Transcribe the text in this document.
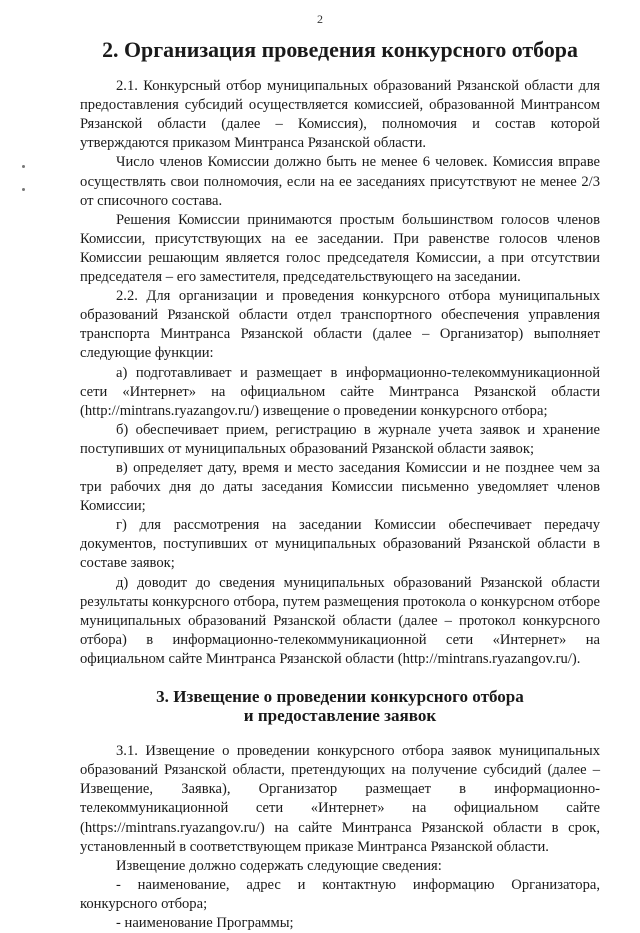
2
2. Организация проведения конкурсного отбора

2.1. Конкурсный отбор муниципальных образований Рязанской области для предоставления субсидий осуществляется комиссией, образованной Минтрансом Рязанской области (далее – Комиссия), полномочия и состав которой утверждаются приказом Минтранса Рязанской области.

Число членов Комиссии должно быть не менее 6 человек. Комиссия вправе осуществлять свои полномочия, если на ее заседаниях присутствуют не менее 2/3 от списочного состава.

Решения Комиссии принимаются простым большинством голосов членов Комиссии, присутствующих на ее заседании. При равенстве голосов членов Комиссии решающим является голос председателя Комиссии, а при отсутствии председателя – его заместителя, председательствующего на заседании.

2.2. Для организации и проведения конкурсного отбора муниципальных образований Рязанской области отдел транспортного обеспечения управления транспорта Минтранса Рязанской области (далее – Организатор) выполняет следующие функции:

а) подготавливает и размещает в информационно-телекоммуникационной сети «Интернет» на официальном сайте Минтранса Рязанской области (http://mintrans.ryazangov.ru/) извещение о проведении конкурсного отбора;

б) обеспечивает прием, регистрацию в журнале учета заявок и хранение поступивших от муниципальных образований Рязанской области заявок;

в) определяет дату, время и место заседания Комиссии и не позднее чем за три рабочих дня до даты заседания Комиссии письменно уведомляет членов Комиссии;

г) для рассмотрения на заседании Комиссии обеспечивает передачу документов, поступивших от муниципальных образований Рязанской области в составе заявок;

д) доводит до сведения муниципальных образований Рязанской области результаты конкурсного отбора, путем размещения протокола о конкурсном отборе муниципальных образований Рязанской области (далее – протокол конкурсного отбора) в информационно-телекоммуникационной сети «Интернет» на официальном сайте Минтранса Рязанской области (http://mintrans.ryazangov.ru/).

3. Извещение о проведении конкурсного отбора
и предоставление заявок

3.1. Извещение о проведении конкурсного отбора заявок муниципальных образований Рязанской области, претендующих на получение субсидий (далее – Извещение, Заявка), Организатор размещает в информационно-телекоммуникационной сети «Интернет» на официальном сайте (https://mintrans.ryazangov.ru/) на сайте Минтранса Рязанской области в срок, установленный в соответствующем приказе Минтранса Рязанской области.

Извещение должно содержать следующие сведения:

- наименование, адрес и контактную информацию Организатора, конкурсного отбора;

- наименование Программы;
